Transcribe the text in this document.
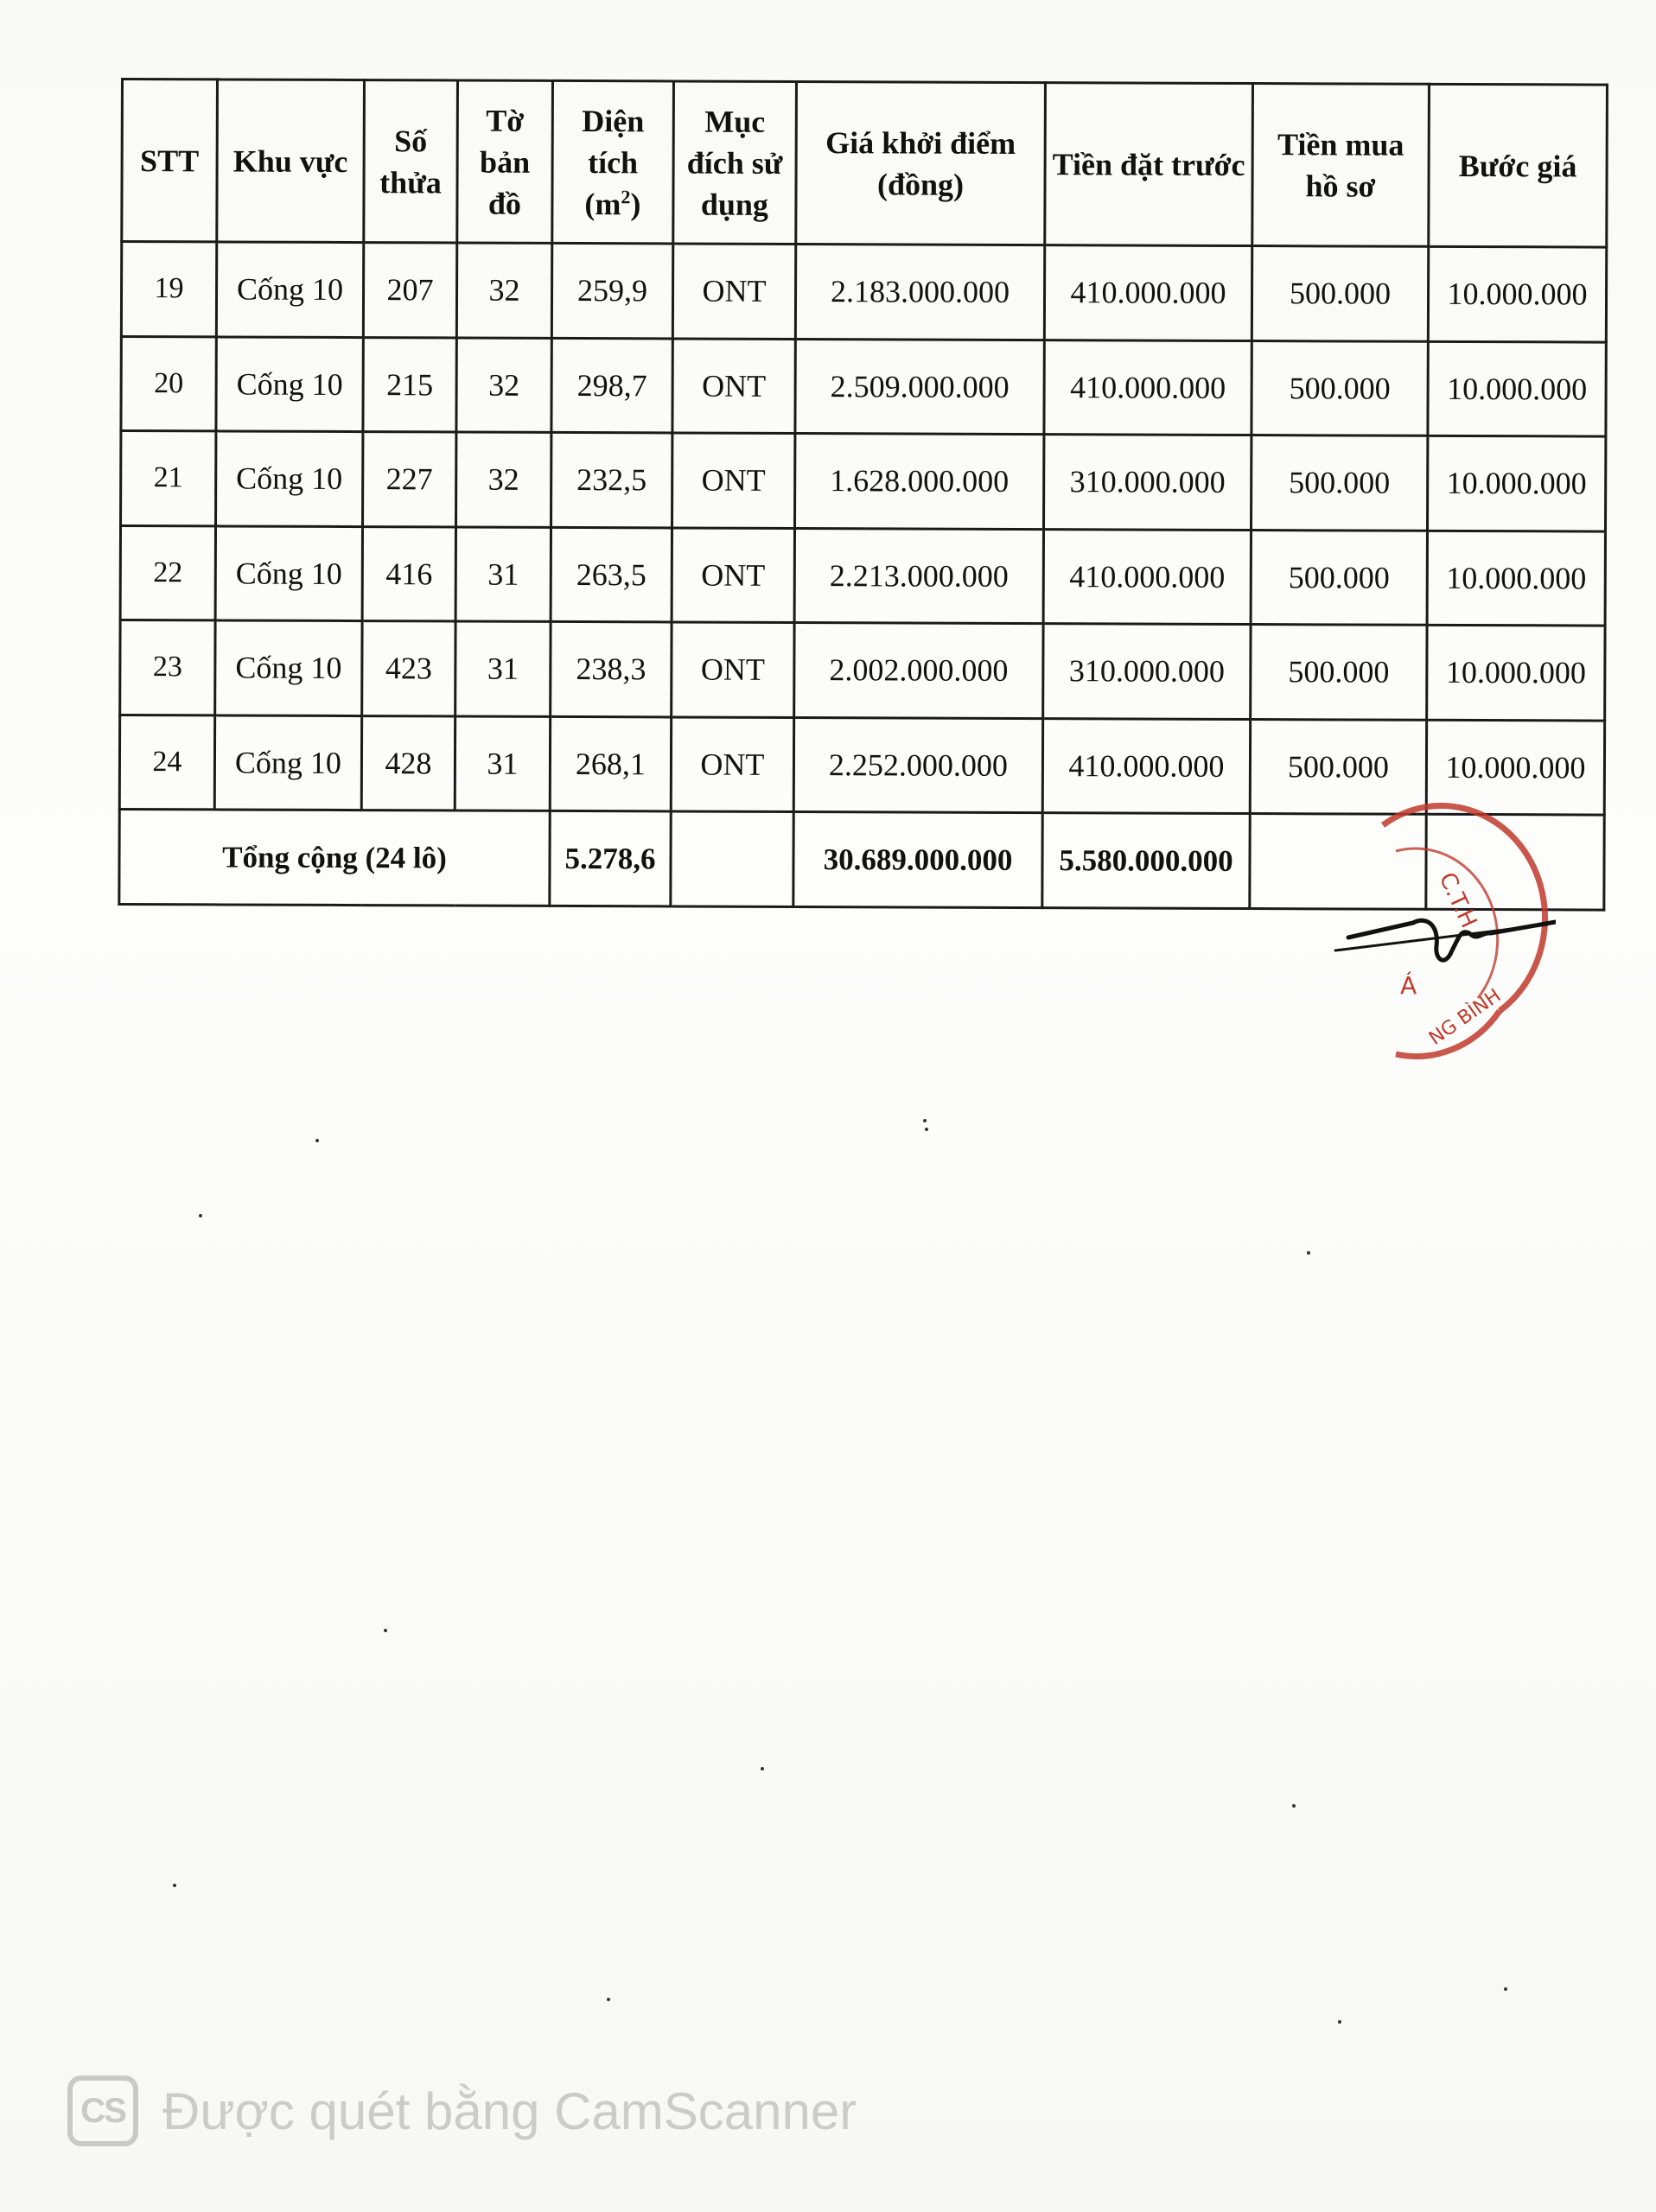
STT	Khu vực	Số thửa	Tờ bản đồ	Diện tích $(m^2)$	Mục đích sử dụng	Giá khởi điểm (đồng)	Tiền đặt trước	Tiền mua hồ sơ	Bước giá
19	Cống 10	207	32	259,9	ONT	2.183.000.000	410.000.000	500.000	10.000.000
20	Cống 10	215	32	298,7	ONT	2.509.000.000	410.000.000	500.000	10.000.000
21	Cống 10	227	32	232,5	ONT	1.628.000.000	310.000.000	500.000	10.000.000
22	Cống 10	416	31	263,5	ONT	2.213.000.000	410.000.000	500.000	10.000.000
23	Cống 10	423	31	238,3	ONT	2.002.000.000	310.000.000	500.000	10.000.000
24	Cống 10	428	31	268,1	ONT	2.252.000.000	410.000.000	500.000	10.000.000
Tổng cộng (24 lô)				5.278,6		30.689.000.000	5.580.000.000		
C.T.H
NG BÌNH
Á
CS Được quét bằng CamScanner
